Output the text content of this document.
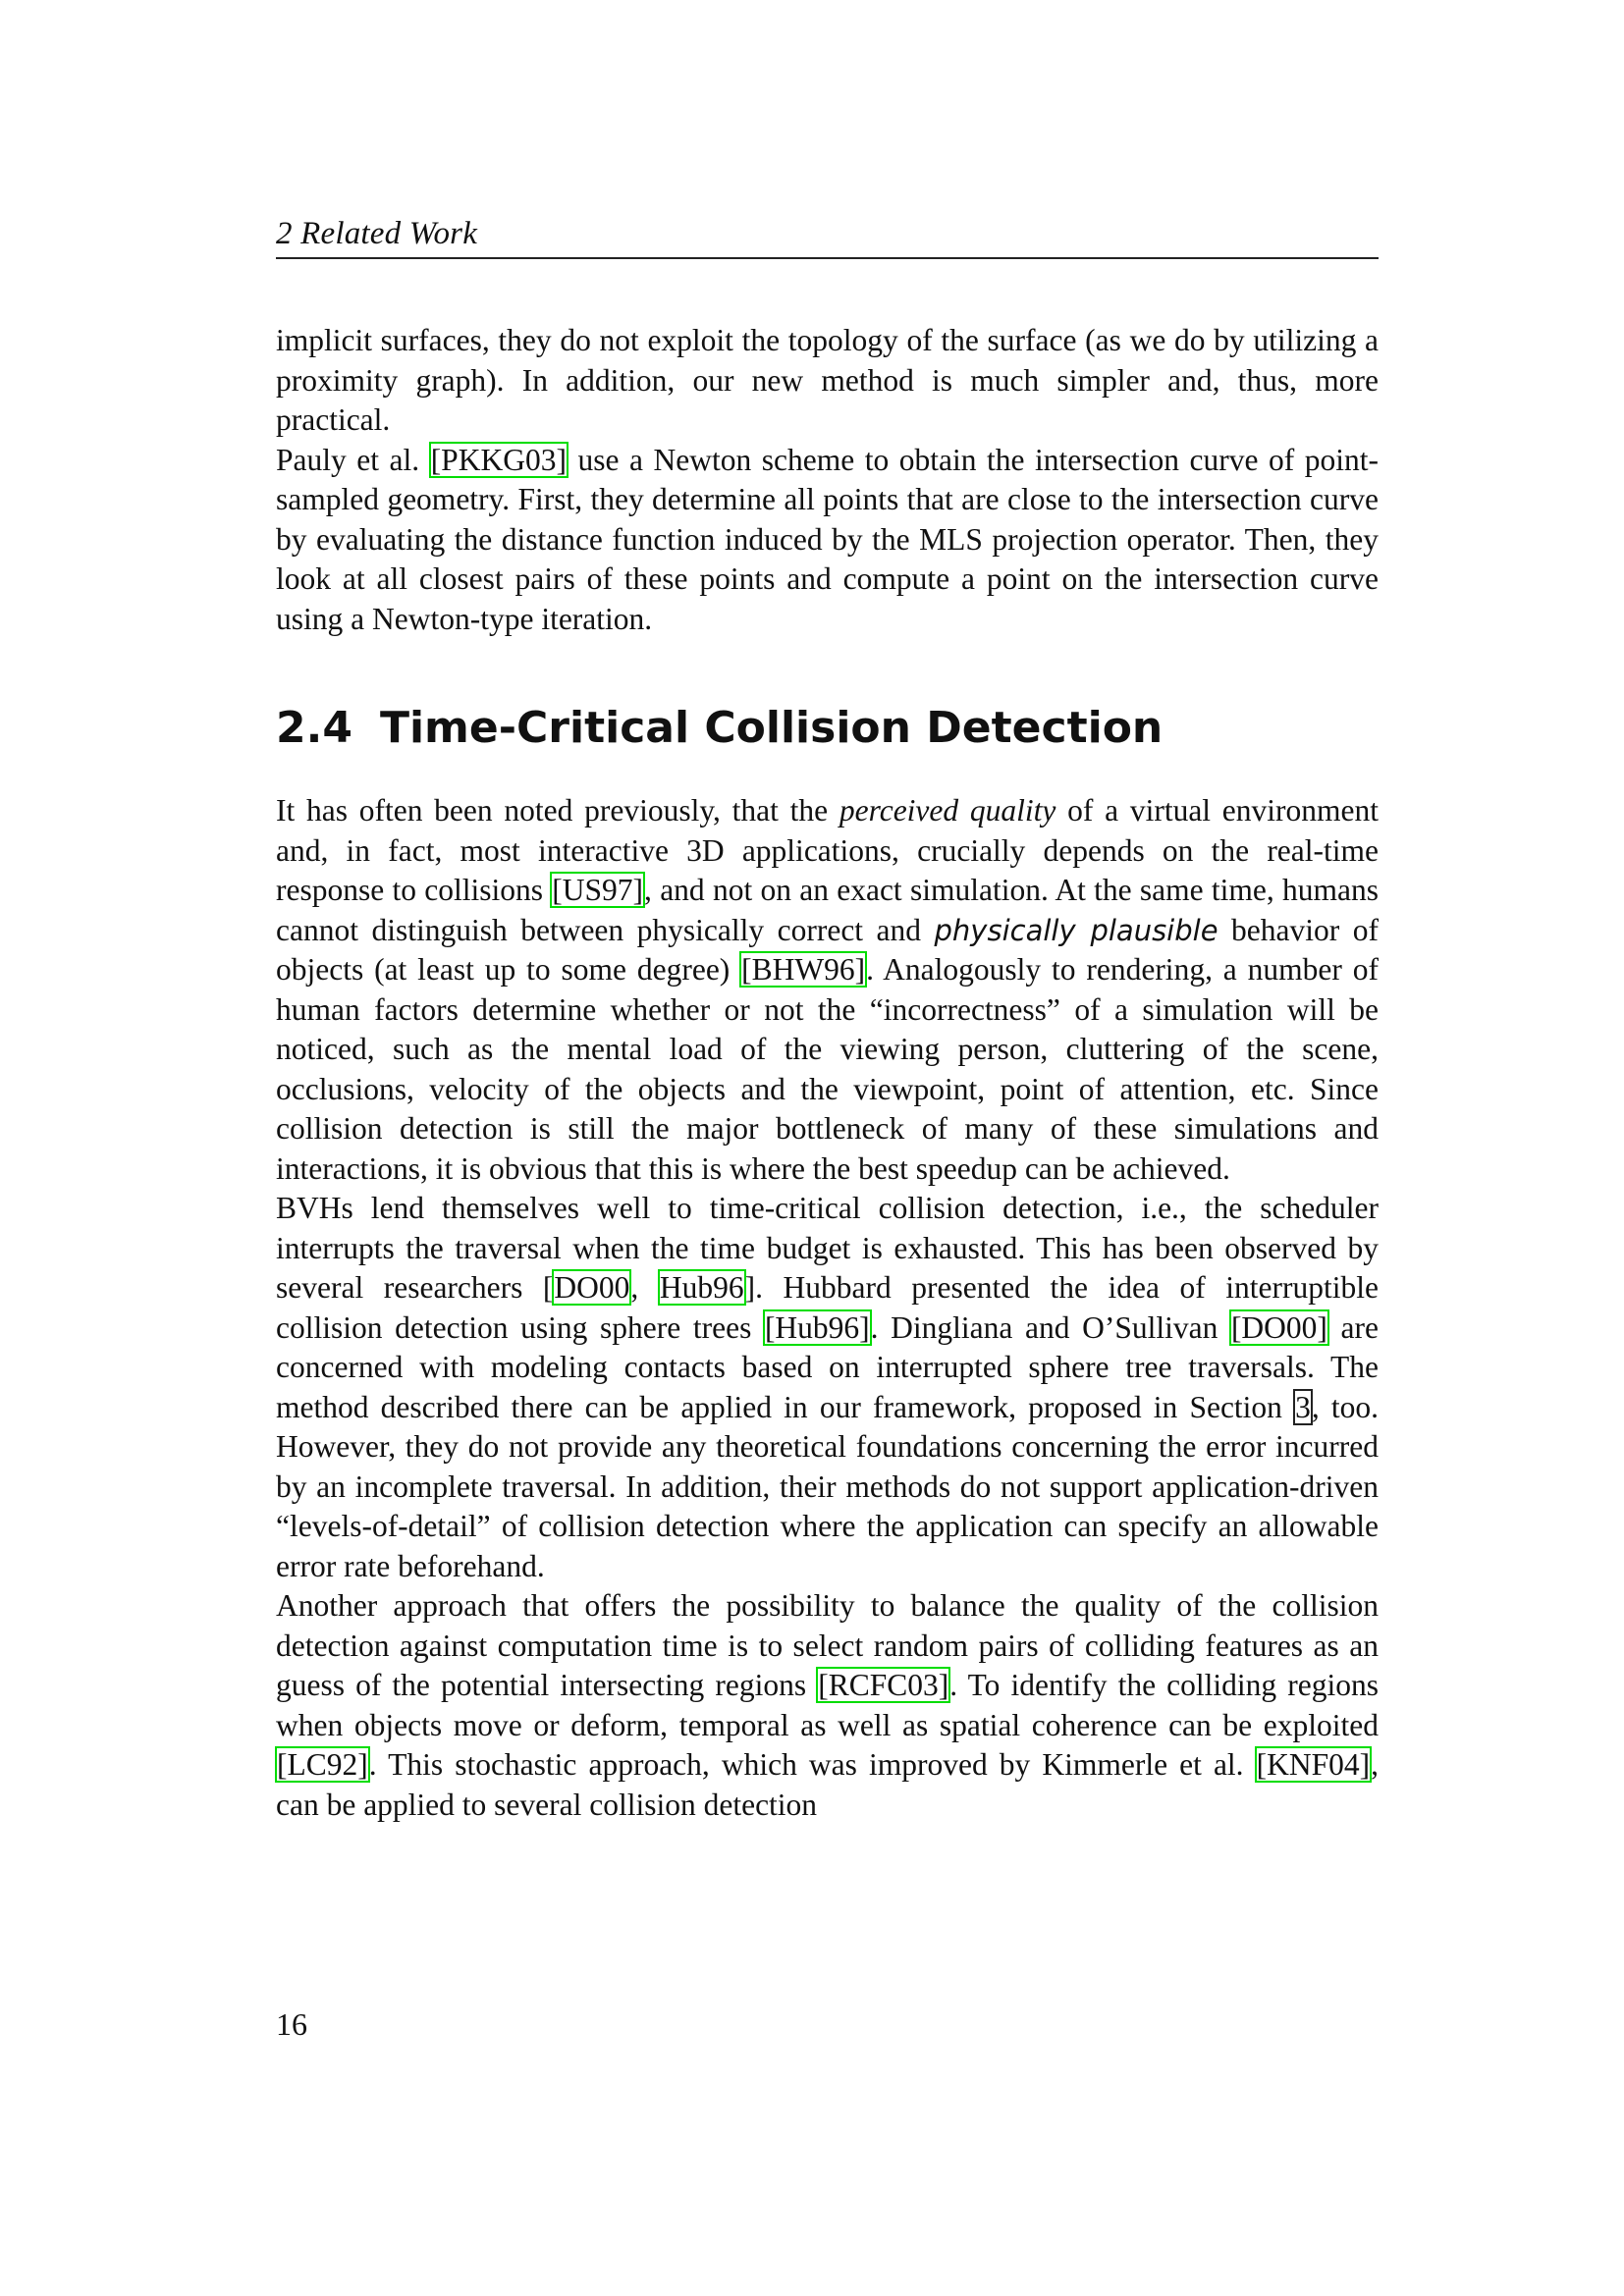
2 Related Work

implicit surfaces, they do not exploit the topology of the surface (as we do by utilizing a proximity graph). In addition, our new method is much simpler and, thus, more practical.

Pauly et al. [PKKG03] use a Newton scheme to obtain the intersection curve of point-sampled geometry. First, they determine all points that are close to the intersection curve by evaluating the distance function induced by the MLS projection operator. Then, they look at all closest pairs of these points and compute a point on the intersection curve using a Newton-type iteration.

2.4 Time-Critical Collision Detection

It has often been noted previously, that the perceived quality of a virtual environment and, in fact, most interactive 3D applications, crucially depends on the real-time response to collisions [US97], and not on an exact simulation. At the same time, humans cannot distinguish between physically correct and physically plausible behavior of objects (at least up to some degree) [BHW96]. Analogously to rendering, a number of human factors determine whether or not the “incorrectness” of a simulation will be noticed, such as the mental load of the viewing person, cluttering of the scene, occlusions, velocity of the objects and the viewpoint, point of attention, etc. Since collision detection is still the major bottleneck of many of these simulations and interactions, it is obvious that this is where the best speedup can be achieved.

BVHs lend themselves well to time-critical collision detection, i.e., the scheduler interrupts the traversal when the time budget is exhausted. This has been observed by several researchers [DO00, Hub96]. Hubbard presented the idea of interruptible collision detection using sphere trees [Hub96]. Dingliana and O’Sullivan [DO00] are concerned with modeling contacts based on interrupted sphere tree traversals. The method described there can be applied in our framework, proposed in Section 3, too. However, they do not provide any theoretical foundations concerning the error incurred by an incomplete traversal. In addition, their methods do not support application-driven “levels-of-detail” of collision detection where the application can specify an allowable error rate beforehand.

Another approach that offers the possibility to balance the quality of the collision detection against computation time is to select random pairs of colliding features as an guess of the potential intersecting regions [RCFC03]. To identify the colliding regions when objects move or deform, temporal as well as spatial coherence can be exploited [LC92]. This stochastic approach, which was improved by Kimmerle et al. [KNF04], can be applied to several collision detection

16
